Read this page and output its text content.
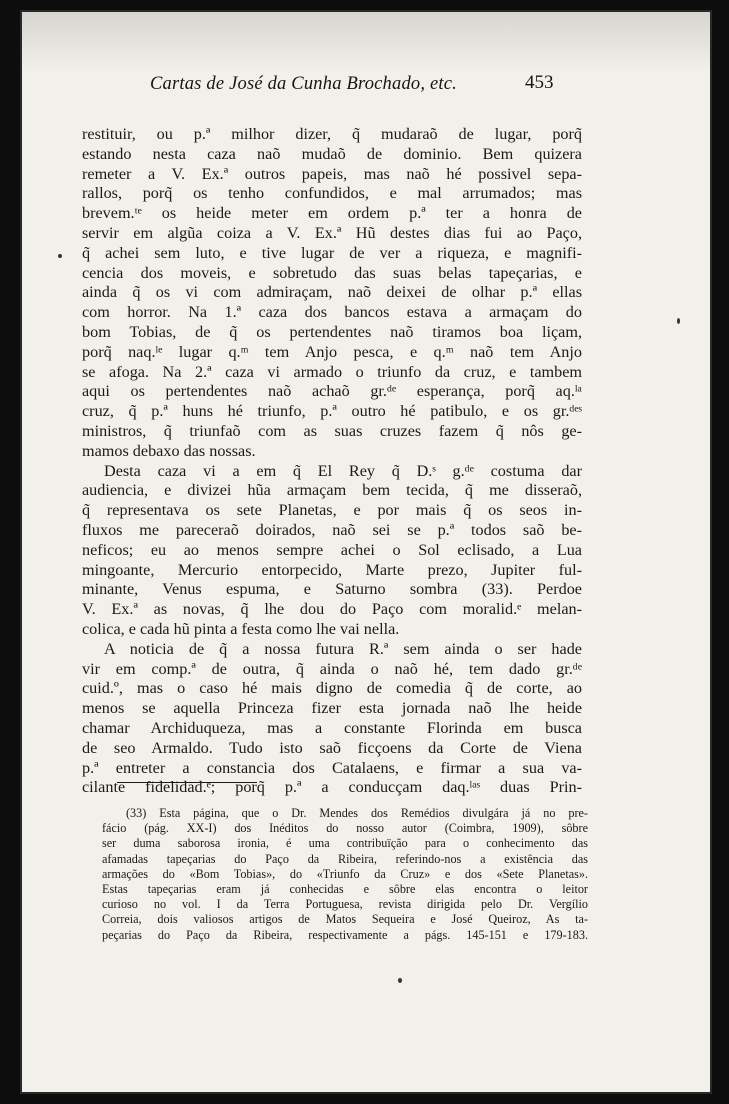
Cartas de José da Cunha Brochado, etc.	453
restituir, ou p.ª milhor dizer, q̃ mudaraõ de lugar, porq̃
estando nesta caza naõ mudaõ de dominio. Bem quizera
remeter a V. Ex.ª outros papeis, mas naõ hé possivel sepa-
rallos, porq̃ os tenho confundidos, e mal arrumados; mas
brevem.ᵗᵉ os heide meter em ordem p.ª ter a honra de
servir em algũa coiza a V. Ex.ª Hũ destes dias fui ao Paço,
q̃ achei sem luto, e tive lugar de ver a riqueza, e magnifi-
cencia dos moveis, e sobretudo das suas belas tapeçarias, e
ainda q̃ os vi com admiraçam, naõ deixei de olhar p.ª ellas
com horror. Na 1.ª caza dos bancos estava a armaçam do
bom Tobias, de q̃ os pertendentes naõ tiramos boa liçam,
porq̃ naq.ˡᵉ lugar q.ᵐ tem Anjo pesca, e q.ᵐ naõ tem Anjo
se afoga. Na 2.ª caza vi armado o triunfo da cruz, e tambem
aqui os pertendentes naõ achaõ gr.ᵈᵉ esperança, porq̃ aq.ˡᵃ
cruz, q̃ p.ª huns hé triunfo, p.ª outro hé patibulo, e os gr.ᵈᵉˢ
ministros, q̃ triunfaõ com as suas cruzes fazem q̃ nôs ge-
mamos debaxo das nossas.
Desta caza vi a em q̃ El Rey q̃ D.ˢ g.ᵈᵉ costuma dar
audiencia, e divizei hũa armaçam bem tecida, q̃ me disseraõ,
q̃ representava os sete Planetas, e por mais q̃ os seos in-
fluxos me pareceraõ doirados, naõ sei se p.ª todos saõ be-
neficos; eu ao menos sempre achei o Sol eclisado, a Lua
mingoante, Mercurio entorpecido, Marte prezo, Jupiter ful-
minante, Venus espuma, e Saturno sombra (33). Perdoe
V. Ex.ª as novas, q̃ lhe dou do Paço com moralid.ᵉ melan-
colica, e cada hũ pinta a festa como lhe vai nella.
A noticia de q̃ a nossa futura R.ª sem ainda o ser hade
vir em comp.ª de outra, q̃ ainda o naõ hé, tem dado gr.ᵈᵉ
cuid.º, mas o caso hé mais digno de comedia q̃ de corte, ao
menos se aquella Princeza fizer esta jornada naõ lhe heide
chamar Archiduqueza, mas a constante Florinda em busca
de seo Armaldo. Tudo isto saõ ficçoens da Corte de Viena
p.ª entreter a constancia dos Catalaens, e firmar a sua va-
cilante fidelidad.ᵉ; porq̃ p.ª a conducçam daq.ˡᵃˢ duas Prin-
(33) Esta página, que o Dr. Mendes dos Remédios divulgára já no pre-
fácio (pág. XX-I) dos Inéditos do nosso autor (Coimbra, 1909), sôbre
ser duma saborosa ironia, é uma contribuïção para o conhecimento das
afamadas tapeçarias do Paço da Ribeira, referindo-nos a existência das
armações do «Bom Tobias», do «Triunfo da Cruz» e dos «Sete Planetas».
Estas tapeçarias eram já conhecidas e sôbre elas encontra o leitor
curioso no vol. I da Terra Portuguesa, revista dirigida pelo Dr. Vergílio
Correia, dois valiosos artigos de Matos Sequeira e José Queiroz, As ta-
peçarias do Paço da Ribeira, respectivamente a págs. 145-151 e 179-183.
